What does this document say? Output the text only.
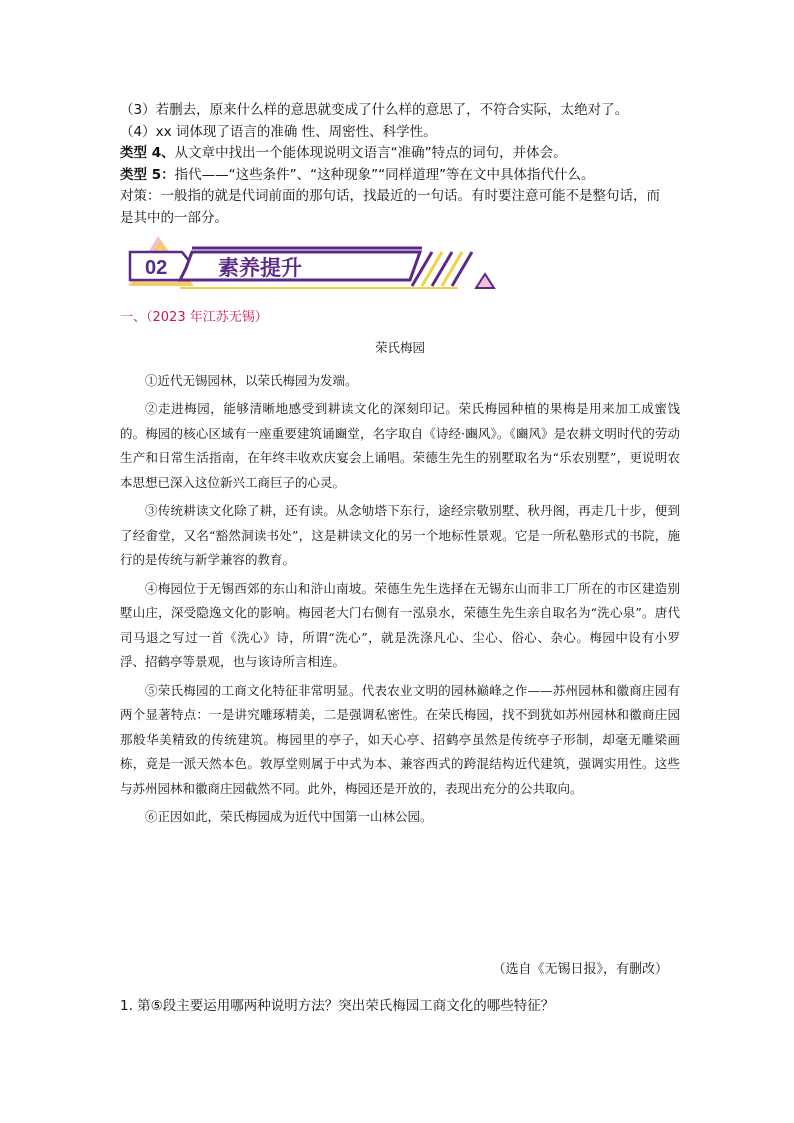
（3）若删去，原来什么样的意思就变成了什么样的意思了，不符合实际，太绝对了。

（4）xx 词体现了语言的准确 性、周密性、科学性。

类型 4、从文章中找出一个能体现说明文语言“准确”特点的词句，并体会。

类型 5：指代——“这些条件”、“这种现象”“同样道理”等在文中具体指代什么。

对策：一般指的就是代词前面的那句话，找最近的一句话。有时要注意可能不是整句话，而

是其中的一部分。

02 素养提升
一、（2023 年江苏无锡）

荣氏梅园

①近代无锡园林，以荣氏梅园为发端。

②走进梅园，能够清晰地感受到耕读文化的深刻印记。荣氏梅园种植的果梅是用来加工成蜜饯的。梅园的核心区域有一座重要建筑诵豳堂，名字取自《诗经·豳风》。《豳风》是农耕文明时代的劳动生产和日常生活指南，在年终丰收欢庆宴会上诵唱。荣德生先生的别墅取名为“乐农别墅”，更说明农本思想已深入这位新兴工商巨子的心灵。

③传统耕读文化除了耕，还有读。从念劬塔下东行，途经宗敬别墅、秋丹阁，再走几十步，便到了经畬堂，又名“豁然洞读书处”，这是耕读文化的另一个地标性景观。它是一所私塾形式的书院，施行的是传统与新学兼容的教育。

④梅园位于无锡西郊的东山和浒山南坡。荣德生先生选择在无锡东山而非工厂所在的市区建造别墅山庄，深受隐逸文化的影响。梅园老大门右侧有一泓泉水，荣德生先生亲自取名为“洗心泉”。唐代司马退之写过一首《洗心》诗，所谓“洗心”，就是洗涤凡心、尘心、俗心、杂心。梅园中设有小罗浮、招鹤亭等景观，也与该诗所言相连。

⑤荣氏梅园的工商文化特征非常明显。代表农业文明的园林巅峰之作——苏州园林和徽商庄园有两个显著特点：一是讲究雕琢精美，二是强调私密性。在荣氏梅园，找不到犹如苏州园林和徽商庄园那般华美精致的传统建筑。梅园里的亭子，如天心亭、招鹤亭虽然是传统亭子形制，却毫无雕梁画栋，竟是一派天然本色。敦厚堂则属于中式为本、兼容西式的跨混结构近代建筑，强调实用性。这些与苏州园林和徽商庄园截然不同。此外，梅园还是开放的，表现出充分的公共取向。

⑥正因如此，荣氏梅园成为近代中国第一山林公园。

（选自《无锡日报》，有删改）
1. 第⑤段主要运用哪两种说明方法？突出荣氏梅园工商文化的哪些特征？
